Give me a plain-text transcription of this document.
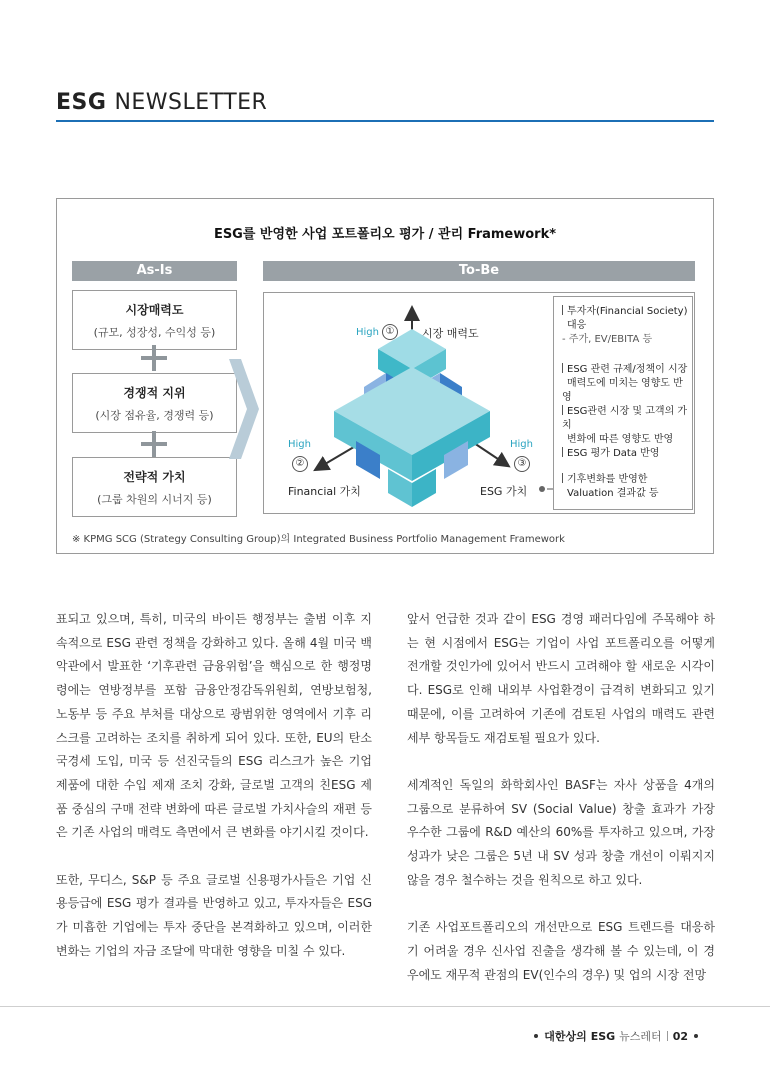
ESG NEWSLETTER
ESG를 반영한 사업 포트폴리오 평가 / 관리 Framework*
As-Is	To-Be
시장매력도
(규모, 성장성, 수익성 등)
경쟁적 지위
(시장 점유율, 경쟁력 등)
전략적 가치
(그룹 차원의 시너지 등)
High ①	시장 매력도
High
②
Financial 가치
High
③
ESG 가치
투자자(Financial Society)
대응
- 주가, EV/EBITA 등
ESG 관련 규제/정책이 시장
매력도에 미치는 영향도 반영
ESG관련 시장 및 고객의 가치
변화에 따른 영향도 반영
ESG 평가 Data 반영
기후변화를 반영한
Valuation 결과값 등
※ KPMG SCG (Strategy Consulting Group)의 Integrated Business Portfolio Management Framework

표되고 있으며, 특히, 미국의 바이든 행정부는 출범 이후 지속적으로 ESG 관련 정책을 강화하고 있다. 올해 4월 미국 백악관에서 발표한 ‘기후관련 금융위험’을 핵심으로 한 행정명령에는 연방정부를 포함 금융안정감독위원회, 연방보험청, 노동부 등 주요 부처를 대상으로 광범위한 영역에서 기후 리스크를 고려하는 조치를 취하게 되어 있다. 또한, EU의 탄소 국경세 도입, 미국 등 선진국들의 ESG 리스크가 높은 기업 제품에 대한 수입 제재 조치 강화, 글로벌 고객의 친ESG 제품 중심의 구매 전략 변화에 따른 글로벌 가치사슬의 재편 등은 기존 사업의 매력도 측면에서 큰 변화를 야기시킬 것이다.

또한, 무디스, S&P 등 주요 글로벌 신용평가사들은 기업 신용등급에 ESG 평가 결과를 반영하고 있고, 투자자들은 ESG가 미흡한 기업에는 투자 중단을 본격화하고 있으며, 이러한 변화는 기업의 자금 조달에 막대한 영향을 미칠 수 있다.

앞서 언급한 것과 같이 ESG 경영 패러다임에 주목해야 하는 현 시점에서 ESG는 기업이 사업 포트폴리오를 어떻게 전개할 것인가에 있어서 반드시 고려해야 할 새로운 시각이다. ESG로 인해 내외부 사업환경이 급격히 변화되고 있기 때문에, 이를 고려하여 기존에 검토된 사업의 매력도 관련 세부 항목들도 재검토될 필요가 있다.

세계적인 독일의 화학회사인 BASF는 자사 상품을 4개의 그룹으로 분류하여 SV (Social Value) 창출 효과가 가장 우수한 그룹에 R&D 예산의 60%를 투자하고 있으며, 가장 성과가 낮은 그룹은 5년 내 SV 성과 창출 개선이 이뤄지지 않을 경우 철수하는 것을 원칙으로 하고 있다.

기존 사업포트폴리오의 개선만으로 ESG 트렌드를 대응하기 어려울 경우 신사업 진출을 생각해 볼 수 있는데, 이 경우에도 재무적 관점의 EV(인수의 경우) 및 업의 시장 전망

대한상의 ESG 뉴스레터 02
